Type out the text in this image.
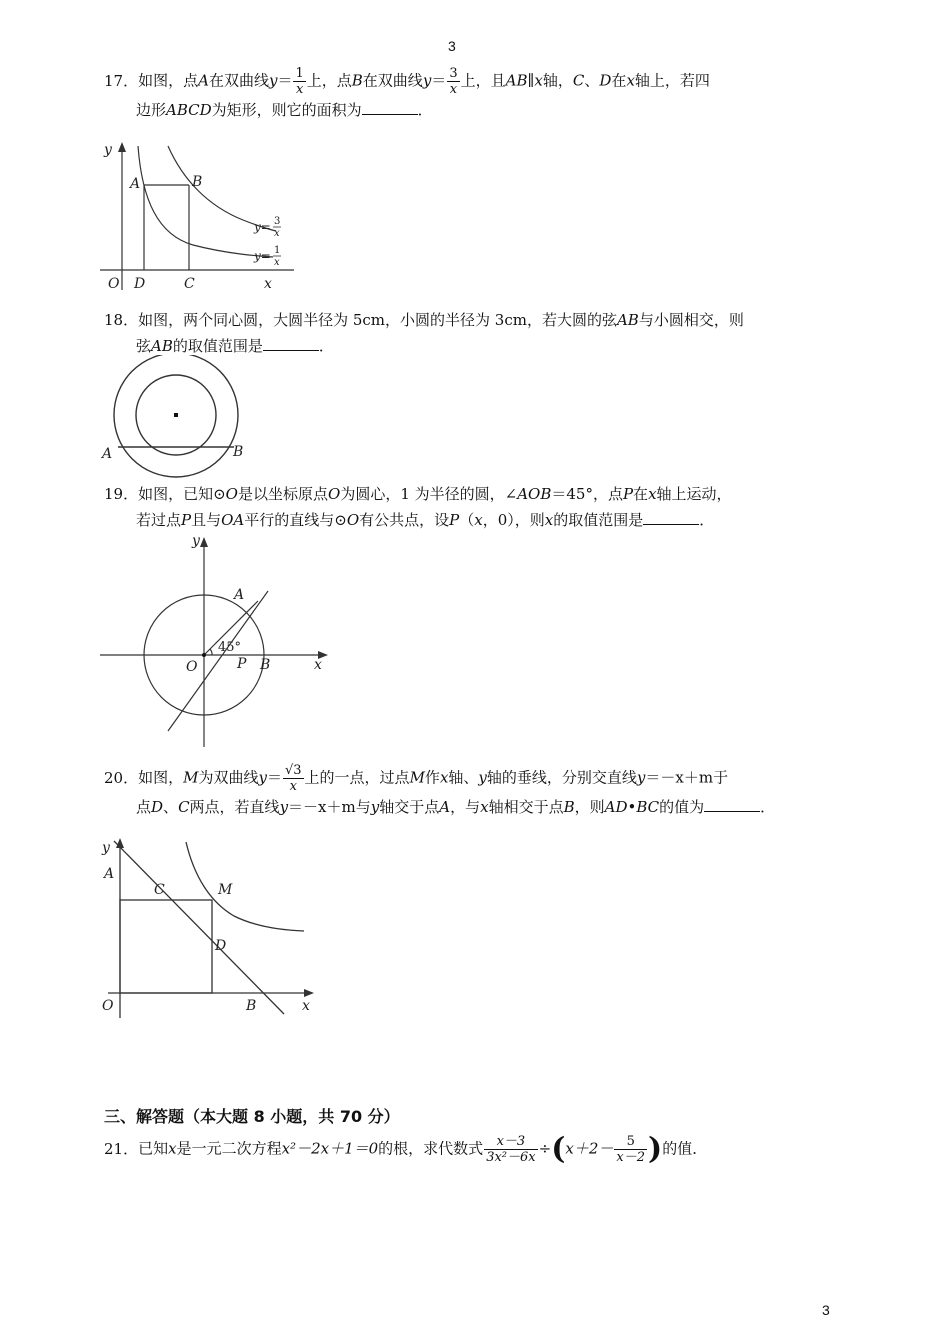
3
17．如图，点A在双曲线$y= \frac{1}{x}$ 上，点B在双曲线$y= \frac{3}{x}$ 上，且AB∥x轴，C、D在x轴上，若四
边形ABCD为矩形，则它的面积为	．
y
O D	C	x
A	B
y= 3
x
y= 1
x
18．如图，两个同心圆，大圆半径为 5cm，小圆的半径为 3cm，若大圆的弦AB与小圆相交，则
弦AB的取值范围是	．
A	B
19．如图，已知⊙O是以坐标原点O为圆心，1 为半径的圆，∠AOB＝45°，点P在x轴上运动，
若过点P且与OA平行的直线与⊙O有公共点，设P（x，0），则x的取值范围是	．
y
x
O
A
P B
45°
20．如图，M为双曲线$y= \frac{√3}{x}$ 上的一点，过点M作x轴、y轴的垂线，分别交直线y＝－x＋m于
点D、C两点，若直线y＝－x＋m与y轴交于点A，与x轴相交于点B，则AD•BC的值为	．
y
x
O
A
C	M
D
B
三、解答题（本大题 8 小题，共 70 分）
21．已知x是一元二次方程x²－2x＋1＝0的根，求代数式 $\frac{x-3}{\text{3x²－6x}} \div(x+2- \frac{5}{x-2}$ )的值．
3
